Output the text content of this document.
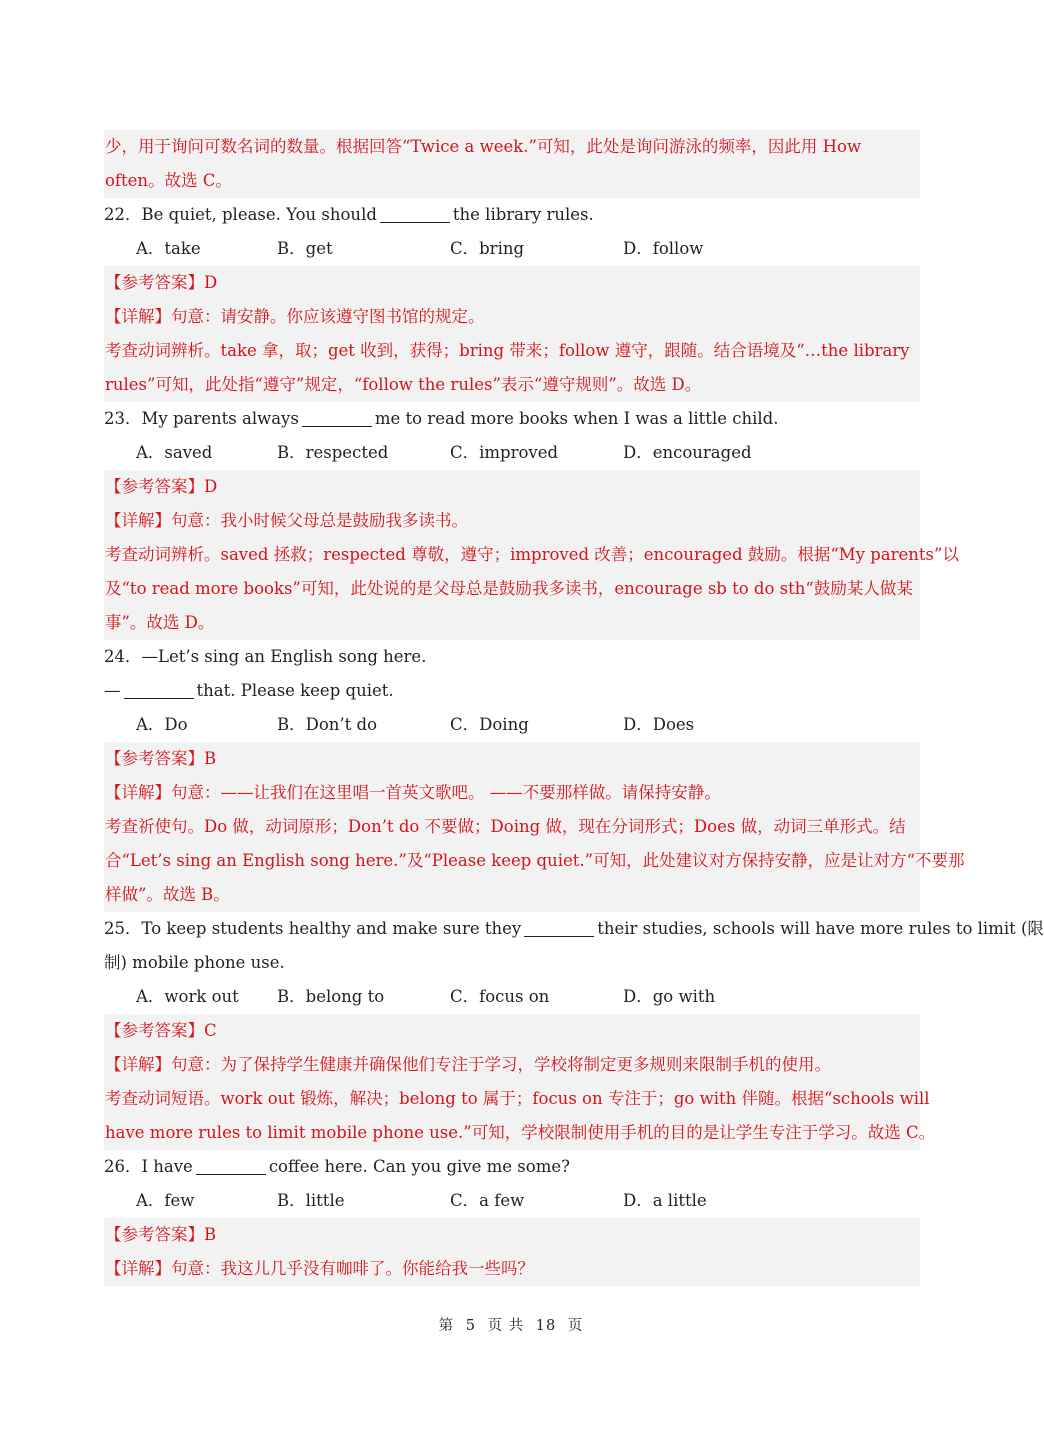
少，用于询问可数名词的数量。根据回答“Twice a week.”可知，此处是询问游泳的频率，因此用 How
often。故选 C。
22．Be quiet, please. You should	the library rules.
A．take	B．get	C．bring	D．follow
【参考答案】D
【详解】句意：请安静。你应该遵守图书馆的规定。
考查动词辨析。take 拿，取；get 收到，获得；bring 带来；follow 遵守，跟随。结合语境及“…the library
rules”可知，此处指“遵守”规定，“follow the rules”表示“遵守规则”。故选 D。
23．My parents always	me to read more books when I was a little child.
A．saved	B．respected	C．improved	D．encouraged
【参考答案】D
【详解】句意：我小时候父母总是鼓励我多读书。
考查动词辨析。saved 拯救；respected 尊敬，遵守；improved 改善；encouraged 鼓励。根据“My parents”以
及“to read more books”可知，此处说的是父母总是鼓励我多读书，encourage sb to do sth“鼓励某人做某
事”。故选 D。
24．—Let’s sing an English song here.
—	that. Please keep quiet.
A．Do	B．Don’t do	C．Doing	D．Does
【参考答案】B
【详解】句意：——让我们在这里唱一首英文歌吧。 ——不要那样做。请保持安静。
考查祈使句。Do 做，动词原形；Don’t do 不要做；Doing 做，现在分词形式；Does 做，动词三单形式。结
合“Let’s sing an English song here.”及“Please keep quiet.”可知，此处建议对方保持安静，应是让对方“不要那
样做”。故选 B。
25．To keep students healthy and make sure they	their studies, schools will have more rules to limit (限
制) mobile phone use.
A．work out	B．belong to	C．focus on	D．go with
【参考答案】C
【详解】句意：为了保持学生健康并确保他们专注于学习，学校将制定更多规则来限制手机的使用。
考查动词短语。work out 锻炼，解决；belong to 属于；focus on 专注于；go with 伴随。根据“schools will
have more rules to limit mobile phone use.”可知，学校限制使用手机的目的是让学生专注于学习。故选 C。
26．I have	coffee here. Can you give me some?
A．few	B．little	C．a few	D．a little
【参考答案】B
【详解】句意：我这儿几乎没有咖啡了。你能给我一些吗？
第 5 页 共 18 页
